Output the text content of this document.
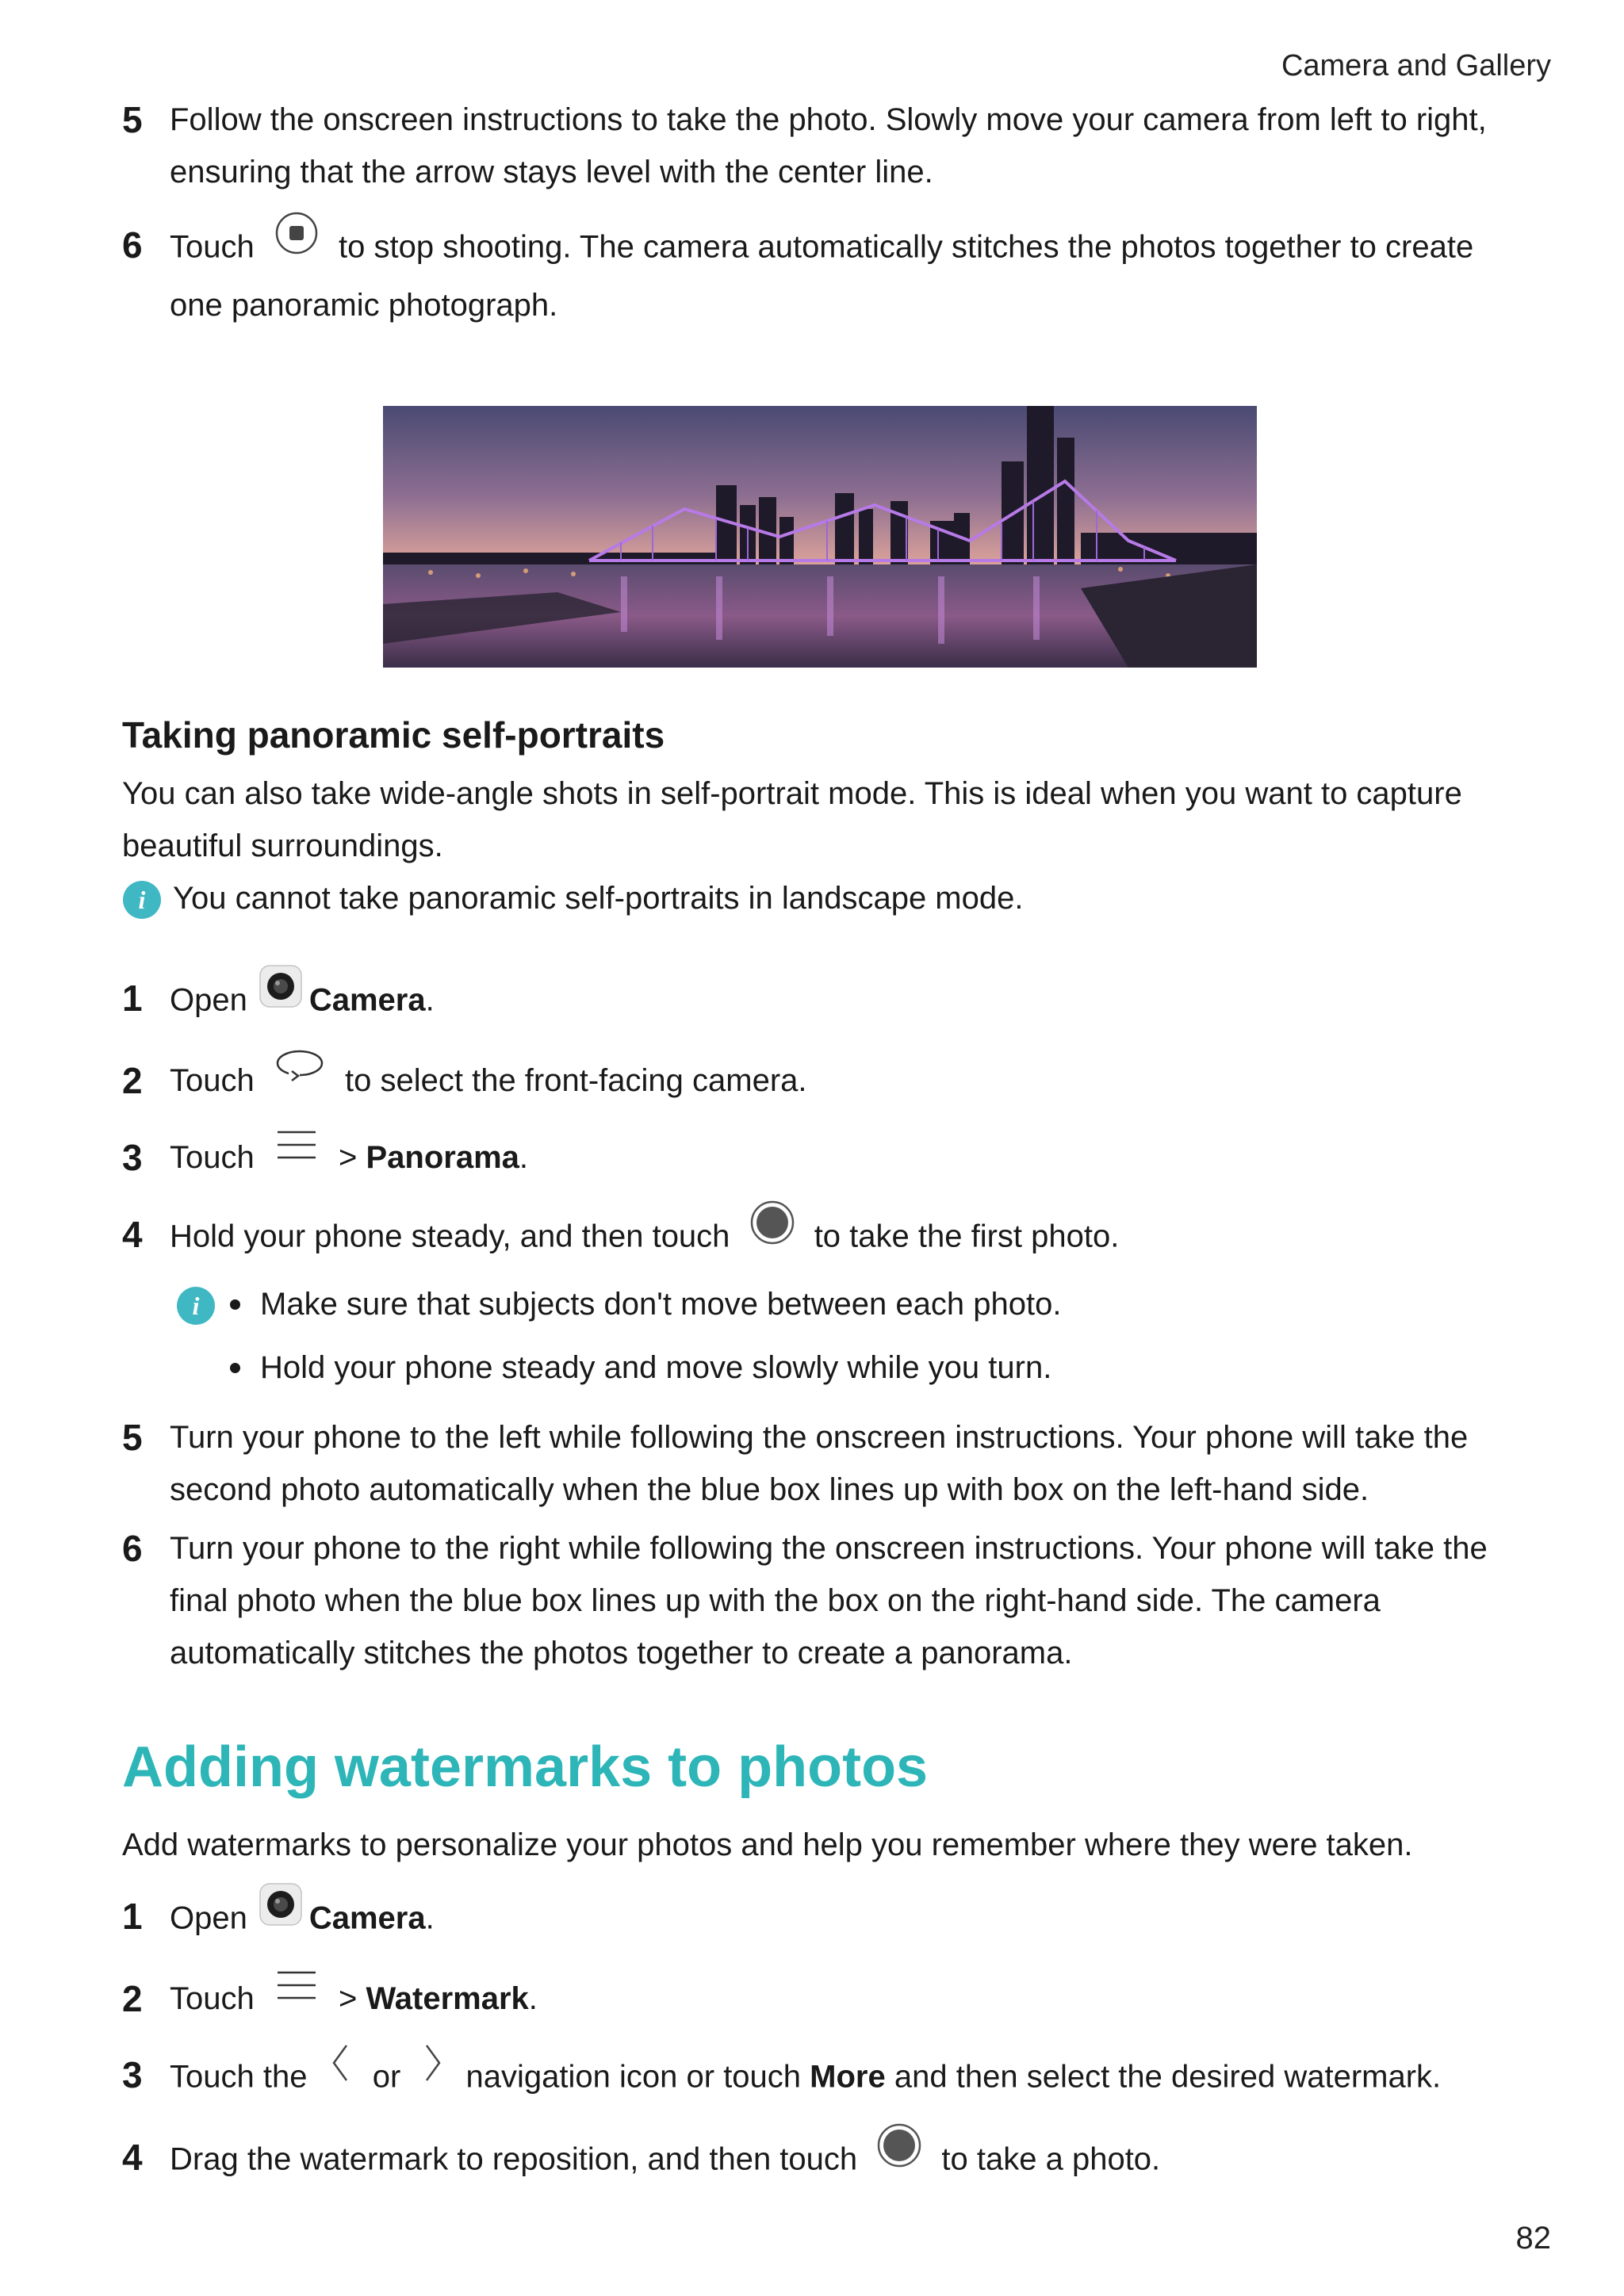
Camera and Gallery
5 Follow the onscreen instructions to take the photo. Slowly move your camera from left to right, ensuring that the arrow stays level with the center line.
6 Touch	to stop shooting. The camera automatically stitches the photos together to create one panoramic photograph.
Taking panoramic self-portraits

You can also take wide-angle shots in self-portrait mode. This is ideal when you want to capture beautiful surroundings.

i You cannot take panoramic self-portraits in landscape mode.
1 Open Camera.
2 Touch	to select the front-facing camera.
3 Touch	> Panorama.
4 Hold your phone steady, and then touch	to take the first photo.
i	Make sure that subjects don't move between each photo.
Hold your phone steady and move slowly while you turn.
5 Turn your phone to the left while following the onscreen instructions. Your phone will take the second photo automatically when the blue box lines up with box on the left-hand side.
6 Turn your phone to the right while following the onscreen instructions. Your phone will take the final photo when the blue box lines up with the box on the right-hand side. The camera automatically stitches the photos together to create a panorama.
Adding watermarks to photos

Add watermarks to personalize your photos and help you remember where they were taken.

1 Open Camera.
2 Touch	> Watermark.
3 Touch the or navigation icon or touch More and then select the desired watermark.
4 Drag the watermark to reposition, and then touch	to take a photo.
82
